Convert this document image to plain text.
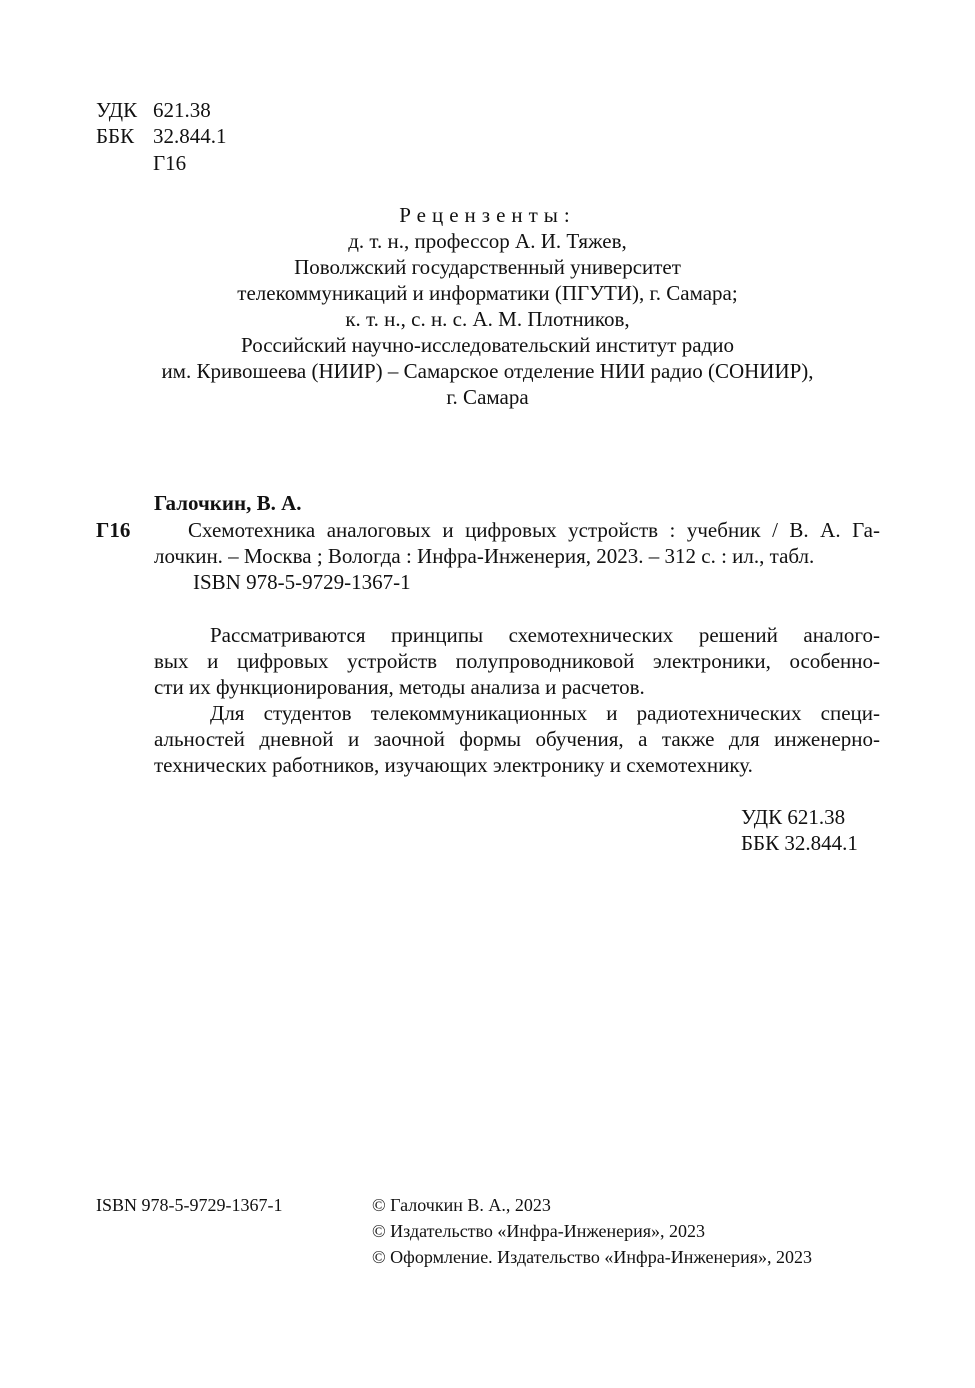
УДК 621.38
ББК 32.844.1
Г16
Рецензенты:
д. т. н., профессор А. И. Тяжев,
Поволжский государственный университет
телекоммуникаций и информатики (ПГУТИ), г. Самара;
к. т. н., с. н. с. А. М. Плотников,
Российский научно-исследовательский институт радио
им. Кривошеева (НИИР) – Самарское отделение НИИ радио (СОНИИР),
г. Самара
Галочкин, В. А.
Г16	Схемотехника аналоговых и цифровых устройств : учебник / В. А. Га-
лочкин. – Москва ; Вологда : Инфра-Инженерия, 2023. – 312 с. : ил., табл.
ISBN 978-5-9729-1367-1
Рассматриваются принципы схемотехнических решений аналого-
вых и цифровых устройств полупроводниковой электроники, особенно-
сти их функционирования, методы анализа и расчетов.
Для студентов телекоммуникационных и радиотехнических специ-
альностей дневной и заочной формы обучения, а также для инженерно-
технических работников, изучающих электронику и схемотехнику.
УДК 621.38
ББК 32.844.1
ISBN 978-5-9729-1367-1	© Галочкин В. А., 2023
© Издательство «Инфра-Инженерия», 2023
© Оформление. Издательство «Инфра-Инженерия», 2023
